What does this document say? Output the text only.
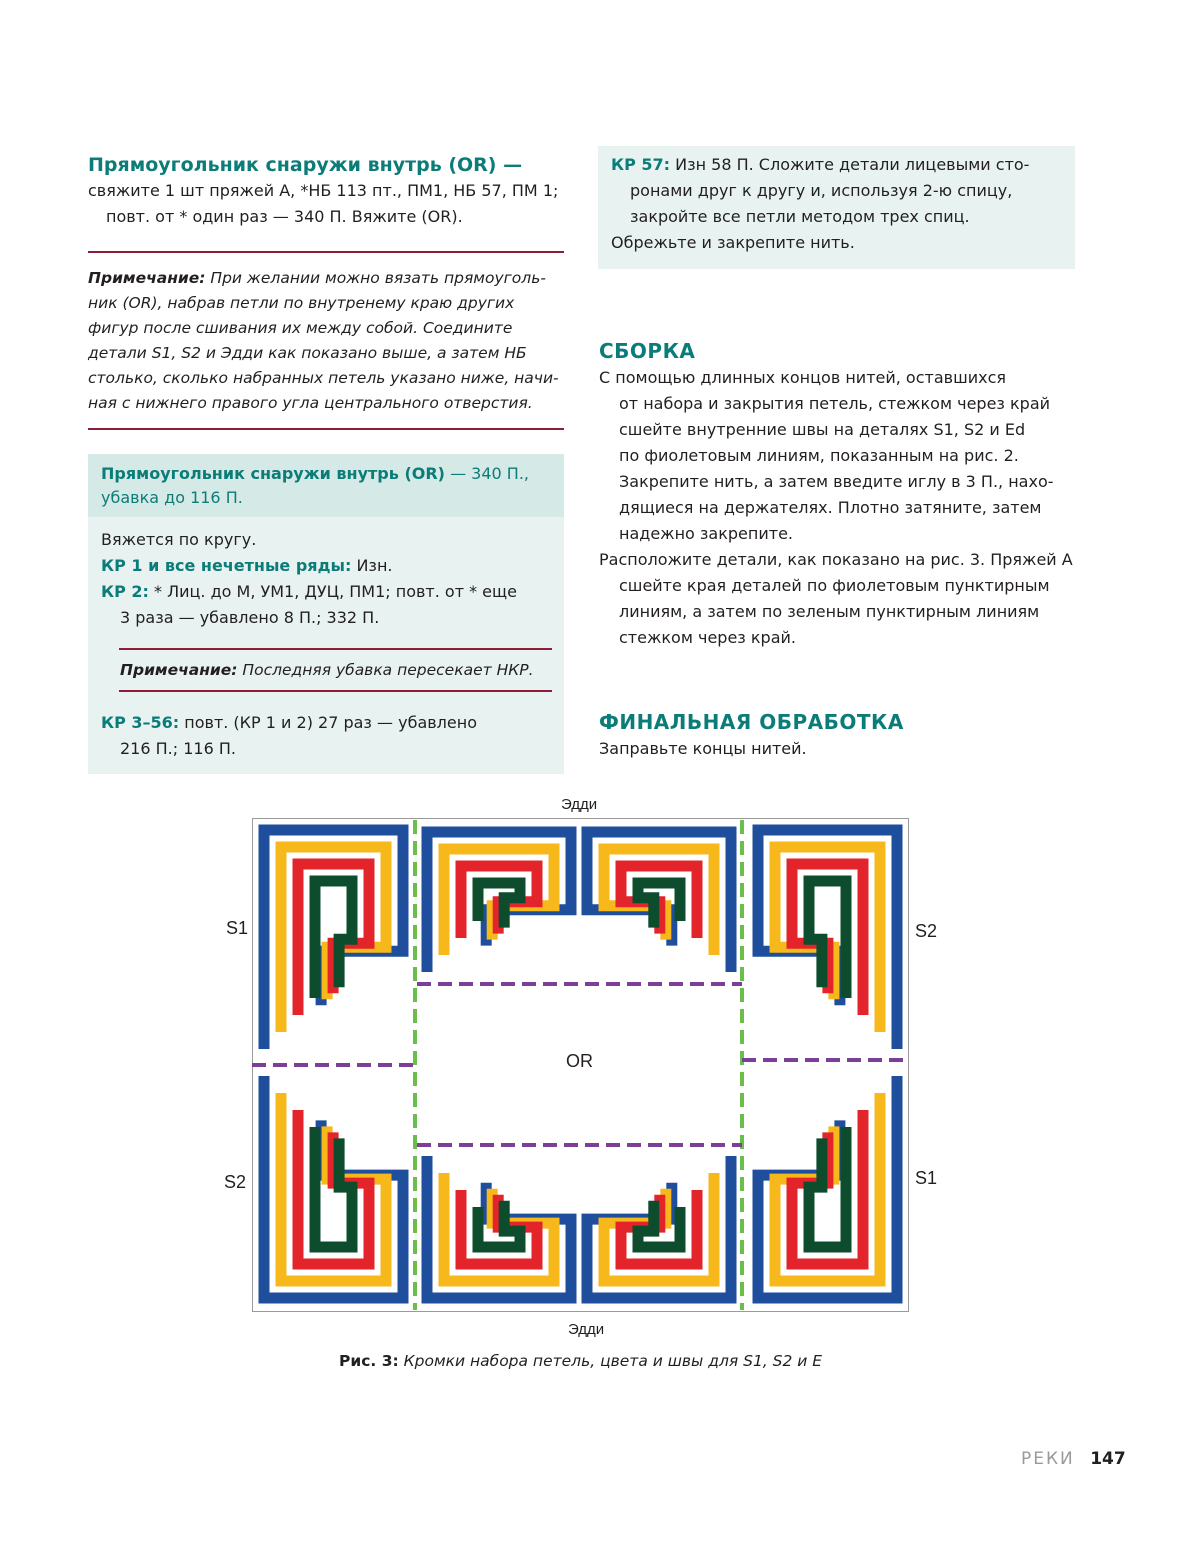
Прямоугольник снаружи внутрь (OR) —
свяжите 1 шт пряжей А, *НБ 113 пт., ПМ1, НБ 57, ПМ 1;
повт. от * один раз — 340 П. Вяжите (OR).
Примечание: При желании можно вязать прямоуголь-
ник (OR), набрав петли по внутренему краю других
фигур после сшивания их между собой. Соедините
детали S1, S2 и Эдди как показано выше, а затем НБ
столько, сколько набранных петель указано ниже, начи-
ная с нижнего правого угла центрального отверстия.
Прямоугольник снаружи внутрь (OR) — 340 П.,
убавка до 116 П.
Вяжется по кругу.
КР 1 и все нечетные ряды: Изн.
КР 2: * Лиц. до М, УМ1, ДУЦ, ПМ1; повт. от * еще
3 раза — убавлено 8 П.; 332 П.
Примечание: Последняя убавка пересекает НКР.
КР 3–56: повт. (КР 1 и 2) 27 раз — убавлено
216 П.; 116 П.
КР 57: Изн 58 П. Сложите детали лицевыми сто-
ронами друг к другу и, используя 2-ю спицу,
закройте все петли методом трех спиц.
Обрежьте и закрепите нить.
СБОРКА
С помощью длинных концов нитей, оставшихся
от набора и закрытия петель, стежком через край
сшейте внутренние швы на деталях S1, S2 и Ed
по фиолетовым линиям, показанным на рис. 2.
Закрепите нить, а затем введите иглу в 3 П., нахо-
дящиеся на держателях. Плотно затяните, затем
надежно закрепите.
Расположите детали, как показано на рис. 3. Пряжей А
сшейте края деталей по фиолетовым пунктирным
линиям, а затем по зеленым пунктирным линиям
стежком через край.
ФИНАЛЬНАЯ ОБРАБОТКА
Заправьте концы нитей.
Эдди
S1
S2
S2
S1
Эдди
OR
Рис. 3: Кромки набора петель, цвета и швы для S1, S2 и E
РЕКИ 147
